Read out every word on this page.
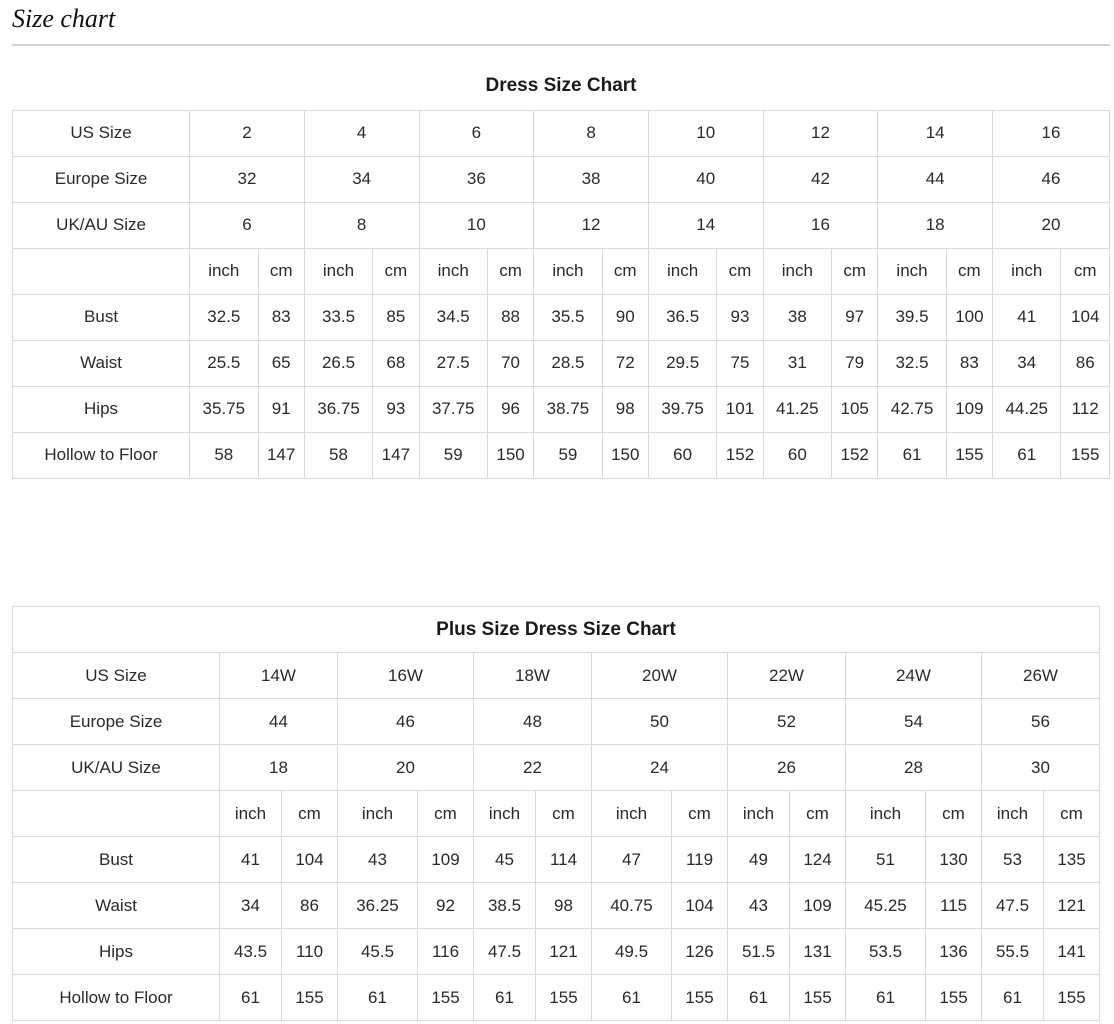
Size chart
Dress Size Chart																
US Size	2		4		6		8		10		12		14		16	
Europe Size	32		34		36		38		40		42		44		46	
UK/AU Size	6		8		10		12		14		16		18		20	
	inch	cm	inch	cm	inch	cm	inch	cm	inch	cm	inch	cm	inch	cm	inch	cm
Bust	32.5	83	33.5	85	34.5	88	35.5	90	36.5	93	38	97	39.5	100	41	104
Waist	25.5	65	26.5	68	27.5	70	28.5	72	29.5	75	31	79	32.5	83	34	86
Hips	35.75	91	36.75	93	37.75	96	38.75	98	39.75	101	41.25	105	42.75	109	44.25	112
Hollow to Floor	58	147	58	147	59	150	59	150	60	152	60	152	61	155	61	155
Plus Size Dress Size Chart														
US Size	14W		16W		18W		20W		22W		24W		26W	
Europe Size	44		46		48		50		52		54		56	
UK/AU Size	18		20		22		24		26		28		30	
	inch	cm	inch	cm	inch	cm	inch	cm	inch	cm	inch	cm	inch	cm
Bust	41	104	43	109	45	114	47	119	49	124	51	130	53	135
Waist	34	86	36.25	92	38.5	98	40.75	104	43	109	45.25	115	47.5	121
Hips	43.5	110	45.5	116	47.5	121	49.5	126	51.5	131	53.5	136	55.5	141
Hollow to Floor	61	155	61	155	61	155	61	155	61	155	61	155	61	155
